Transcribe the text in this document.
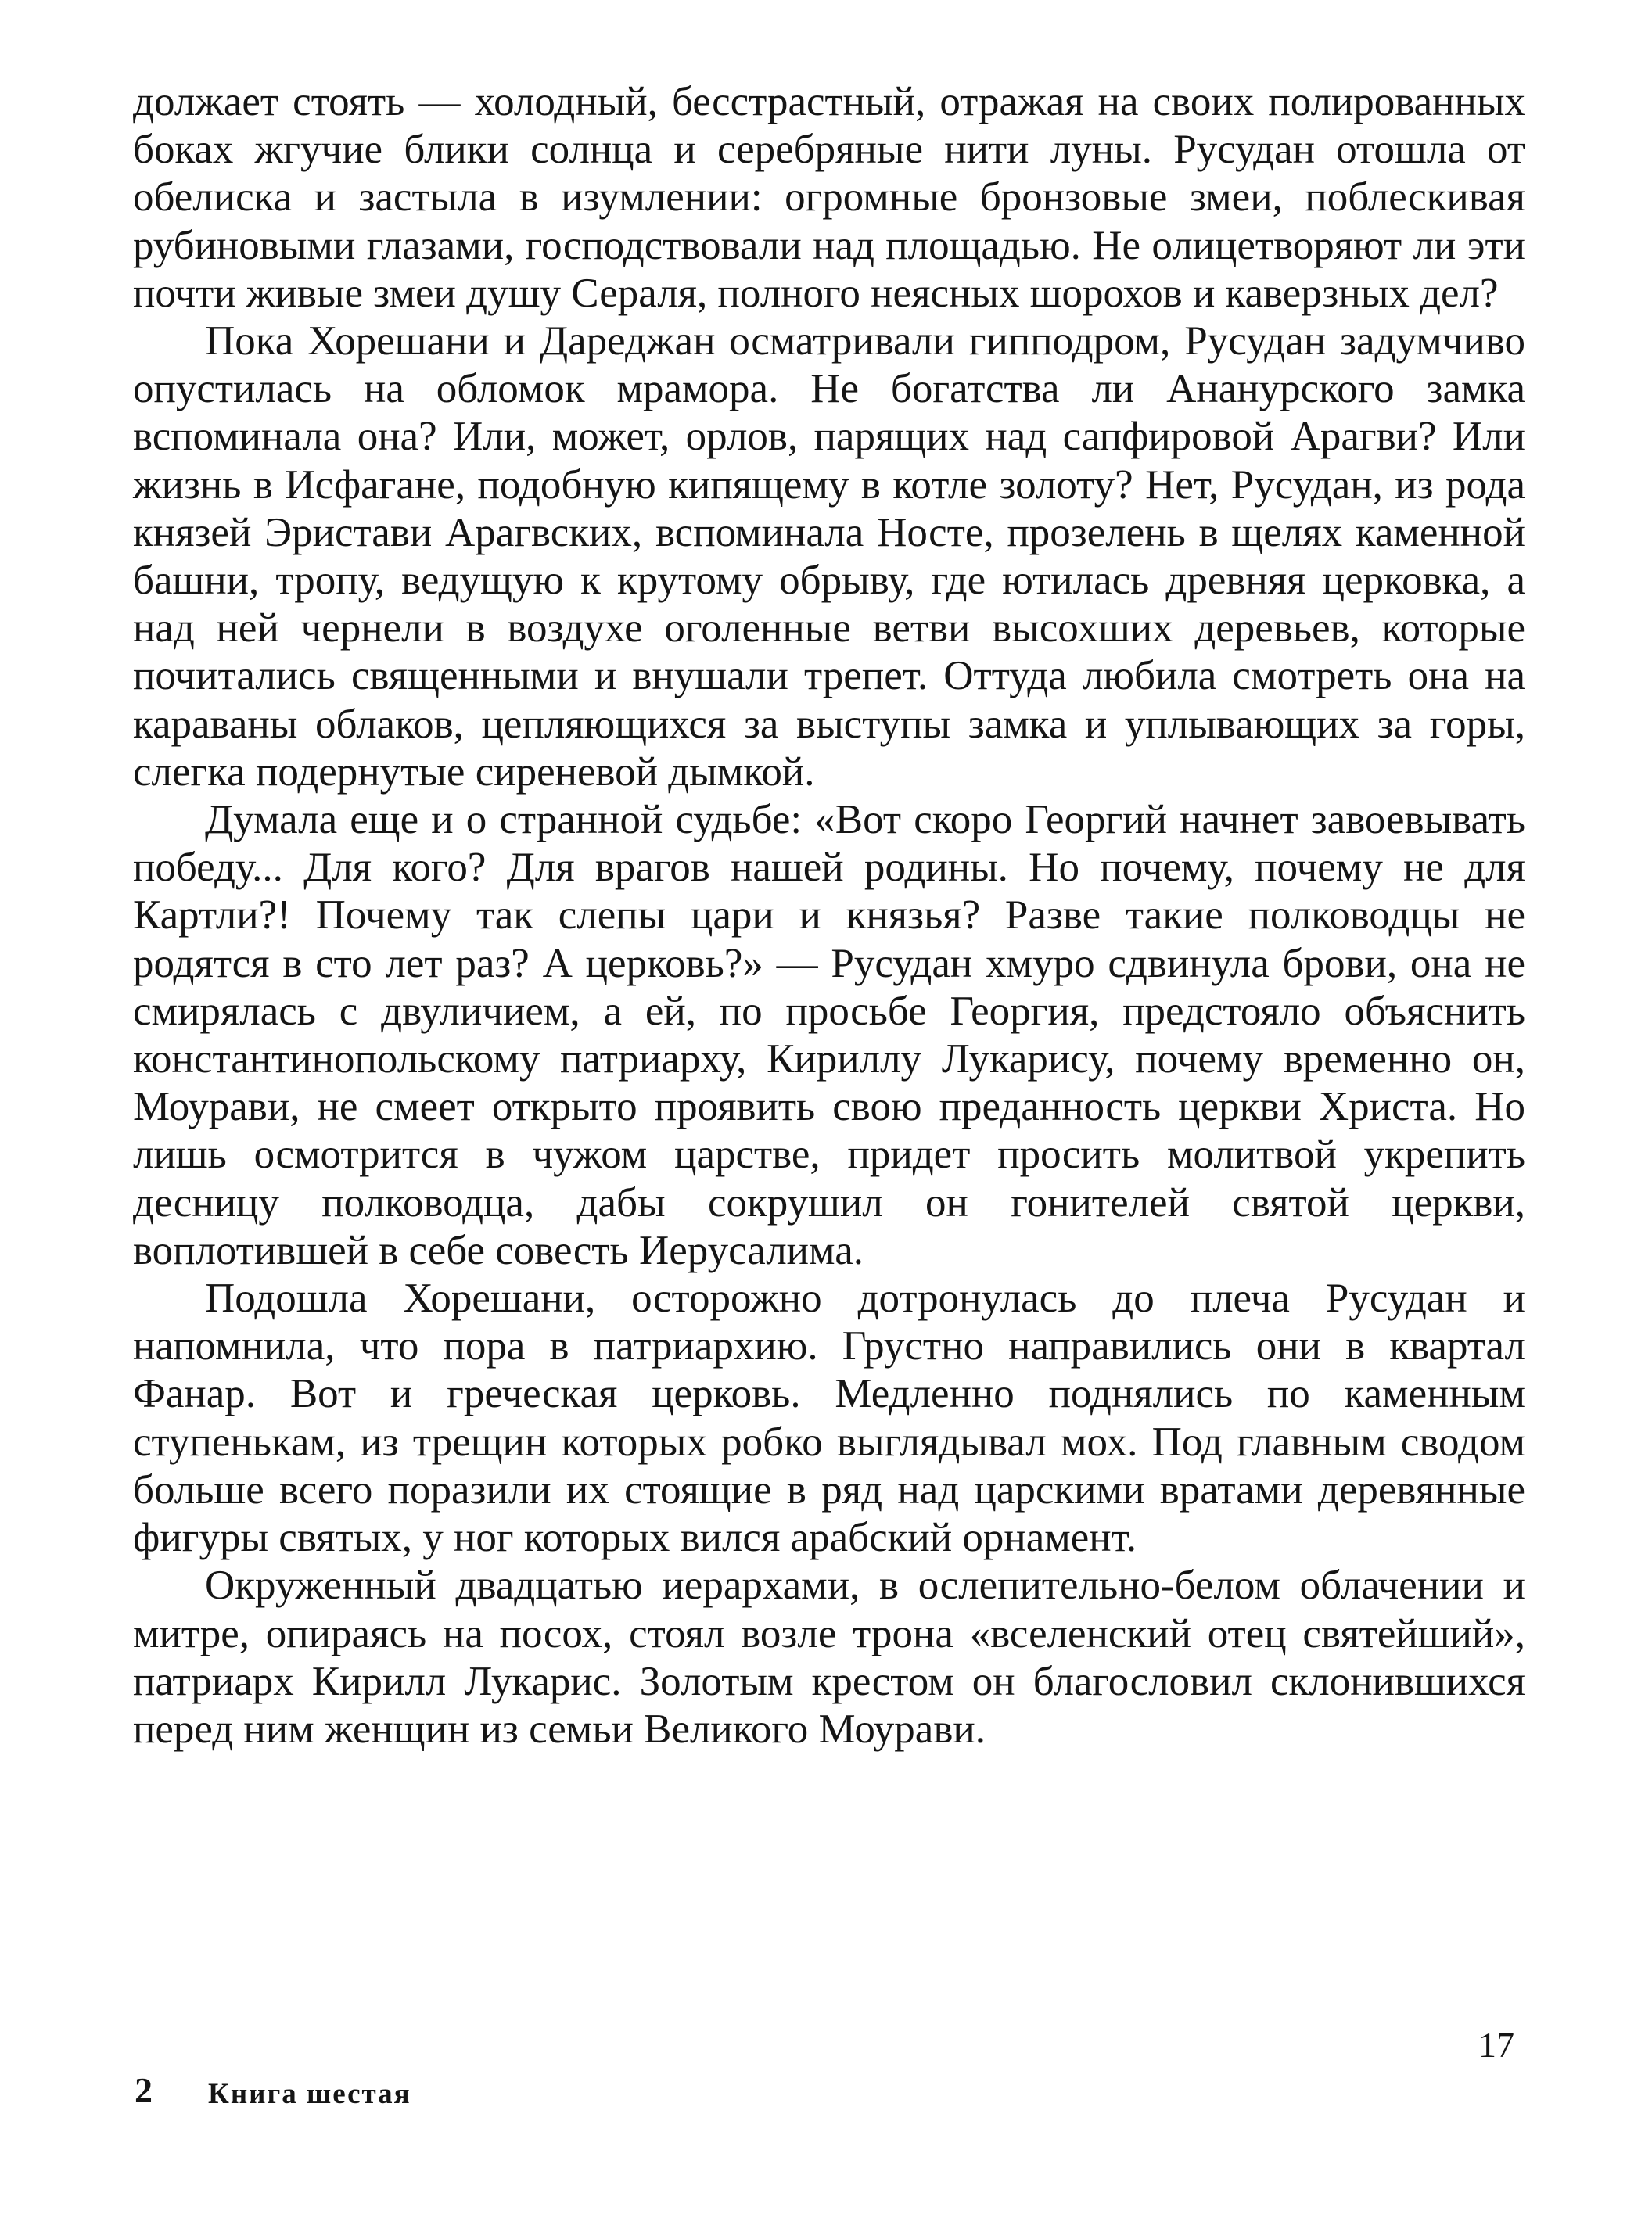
должает стоять — холодный, бесстрастный, отражая на своих полированных боках жгучие блики солнца и серебряные нити луны. Русудан отошла от обелиска и застыла в изумлении: огромные бронзовые змеи, поблескивая рубиновыми глазами, господствовали над площадью. Не олицетворяют ли эти почти живые змеи душу Сераля, полного неясных шорохов и каверзных дел?

Пока Хорешани и Дареджан осматривали гипподром, Русудан задумчиво опустилась на обломок мрамора. Не богатства ли Ананурского замка вспоминала она? Или, может, орлов, парящих над сапфировой Арагви? Или жизнь в Исфагане, подобную кипящему в котле золоту? Нет, Русудан, из рода князей Эристави Арагвских, вспоминала Носте, прозелень в щелях каменной башни, тропу, ведущую к крутому обрыву, где ютилась древняя церковка, а над ней чернели в воздухе оголенные ветви высохших деревьев, которые почитались священными и внушали трепет. Оттуда любила смотреть она на караваны облаков, цепляющихся за выступы замка и уплывающих за горы, слегка подернутые сиреневой дымкой.

Думала еще и о странной судьбе: «Вот скоро Георгий начнет завоевывать победу... Для кого? Для врагов нашей родины. Но почему, почему не для Картли?! Почему так слепы цари и князья? Разве такие полководцы не родятся в сто лет раз? А церковь?» — Русудан хмуро сдвинула брови, она не смирялась с двуличием, а ей, по просьбе Георгия, предстояло объяснить константинопольскому патриарху, Кириллу Лукарису, почему временно он, Моурави, не смеет открыто проявить свою преданность церкви Христа. Но лишь осмотрится в чужом царстве, придет просить молитвой укрепить десницу полководца, дабы сокрушил он гонителей святой церкви, воплотившей в себе совесть Иерусалима.

Подошла Хорешани, осторожно дотронулась до плеча Русудан и напомнила, что пора в патриархию. Грустно направились они в квартал Фанар. Вот и греческая церковь. Медленно поднялись по каменным ступенькам, из трещин которых робко выглядывал мох. Под главным сводом больше всего поразили их стоящие в ряд над царскими вратами деревянные фигуры святых, у ног которых вился арабский орнамент.

Окруженный двадцатью иерархами, в ослепительно-белом облачении и митре, опираясь на посох, стоял возле трона «вселенский отец святейший», патриарх Кирилл Лукарис. Золотым крестом он благословил склонившихся перед ним женщин из семьи Великого Моурави.

17
2 Книга шестая
